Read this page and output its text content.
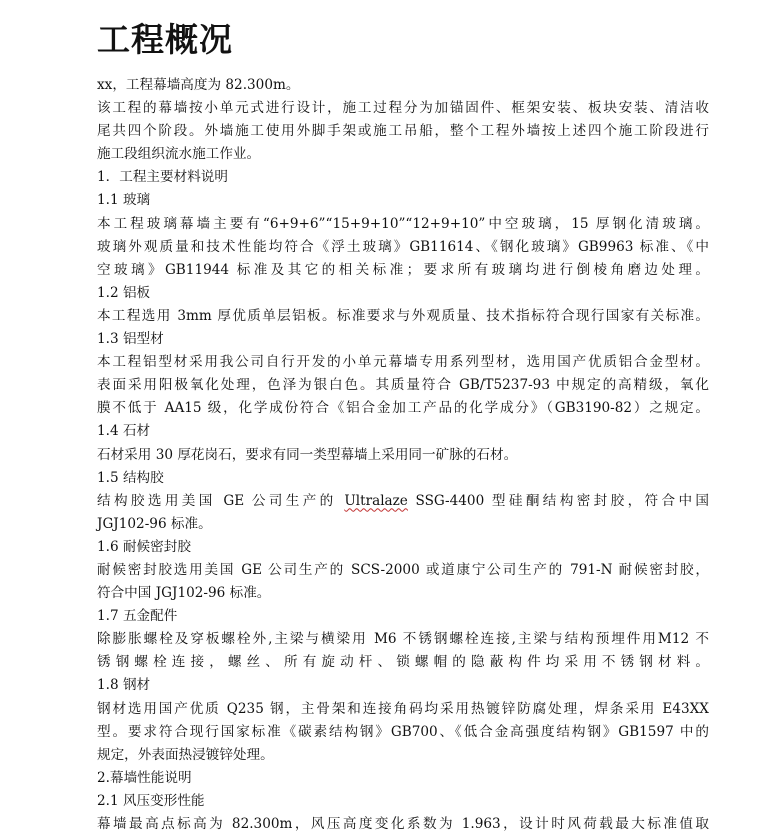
工程概况
xx，工程幕墙高度为 82.300m。
该工程的幕墙按小单元式进行设计，施工过程分为加锚固件、框架安装、板块安装、清洁收
尾共四个阶段。外墙施工使用外脚手架或施工吊船，整个工程外墙按上述四个施工阶段进行
施工段组织流水施工作业。
1．工程主要材料说明
1.1 玻璃
本工程玻璃幕墙主要有“6+9+6”“15+9+10”“12+9+10”中空玻璃，15 厚钢化清玻璃。
玻璃外观质量和技术性能均符合《浮土玻璃》GB11614、《钢化玻璃》GB9963 标准、《中
空玻璃》GB11944 标准及其它的相关标准；要求所有玻璃均进行倒棱角磨边处理。
1.2 铝板
本工程选用 3mm 厚优质单层铝板。标准要求与外观质量、技术指标符合现行国家有关标准。
1.3 铝型材
本工程铝型材采用我公司自行开发的小单元幕墙专用系列型材，选用国产优质铝合金型材。
表面采用阳极氧化处理，色泽为银白色。其质量符合 GB/T5237-93 中规定的高精级，氧化
膜不低于 AA15 级，化学成份符合《铝合金加工产品的化学成分》（GB3190-82）之规定。
1.4 石材
石材采用 30 厚花岗石，要求有同一类型幕墙上采用同一矿脉的石材。
1.5 结构胶
结构胶选用美国 GE 公司生产的 Ultralaze SSG-4400 型硅酮结构密封胶，符合中国
JGJ102-96 标准。
1.6 耐候密封胶
耐候密封胶选用美国 GE 公司生产的 SCS-2000 或道康宁公司生产的 791-N 耐候密封胶，
符合中国 JGJ102-96 标准。
1.7 五金配件
除膨胀螺栓及穿板螺栓外,主梁与横梁用 M6 不锈钢螺栓连接,主梁与结构预埋件用M12 不
锈钢螺栓连接，螺丝、所有旋动杆、锁螺帽的隐蔽构件均采用不锈钢材料。
1.8 钢材
钢材选用国产优质 Q235 钢，主骨架和连接角码均采用热镀锌防腐处理，焊条采用 E43XX
型。要求符合现行国家标准《碳素结构钢》GB700、《低合金高强度结构钢》GB1597 中的
规定，外表面热浸镀锌处理。
2.幕墙性能说明
2.1 风压变形性能
幕墙最高点标高为 82.300m，风压高度变化系数为 1.963，设计时风荷载最大标准值取
